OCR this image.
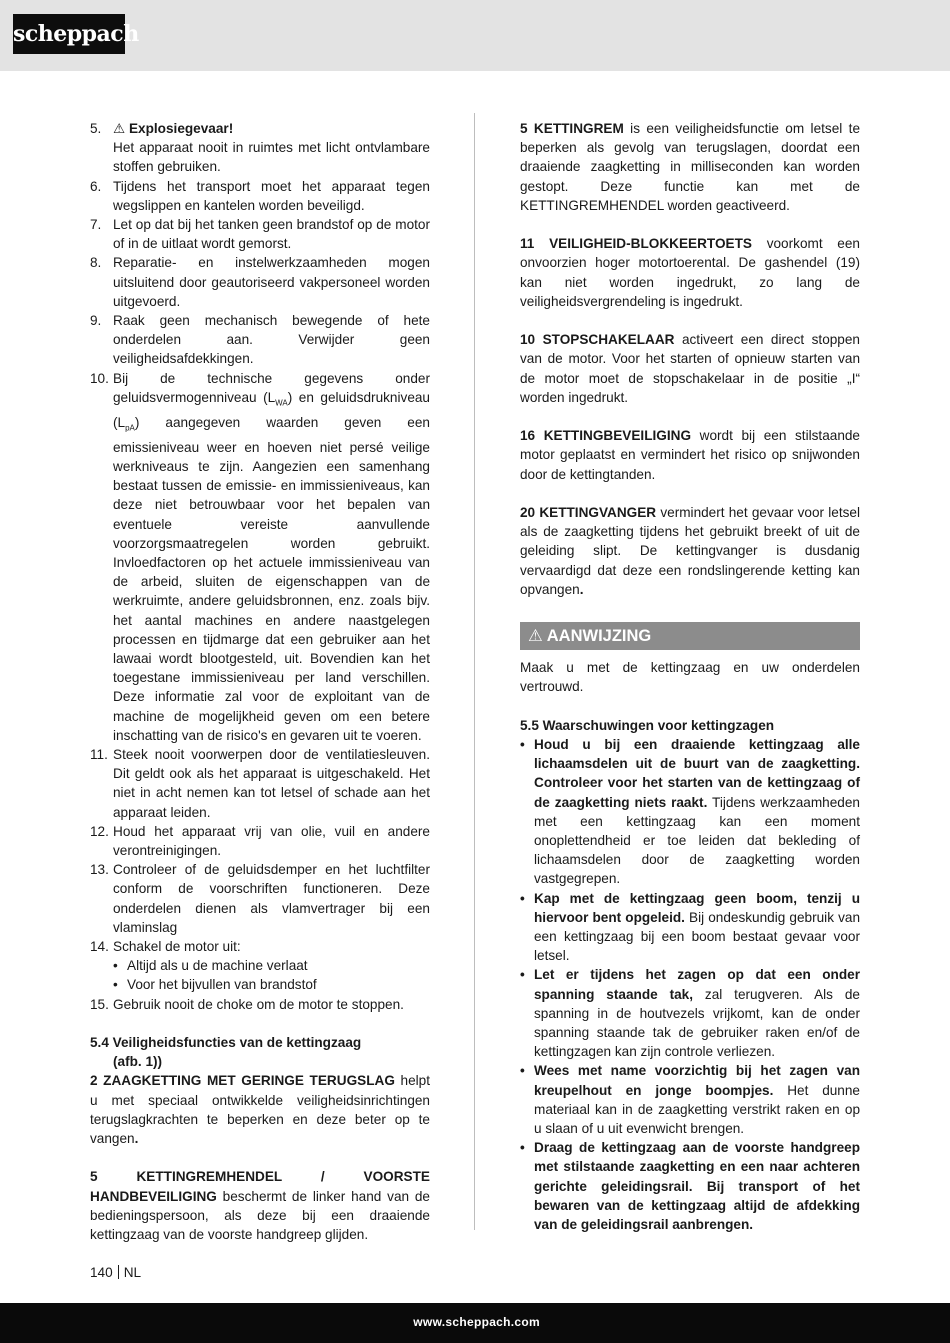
scheppach
5. ⚠ Explosiegevaar!
Het apparaat nooit in ruimtes met licht ontvlambare stoffen gebruiken.
6. Tijdens het transport moet het apparaat tegen wegslippen en kantelen worden beveiligd.
7. Let op dat bij het tanken geen brandstof op de motor of in de uitlaat wordt gemorst.
8. Reparatie- en instelwerkzaamheden mogen uitsluitend door geautoriseerd vakpersoneel worden uitgevoerd.
9. Raak geen mechanisch bewegende of hete onderdelen aan. Verwijder geen veiligheidsafdekkingen.
10. Bij de technische gegevens onder geluidsvermogenniveau $(L_{WA})$ en geluidsdrukniveau $(L_{pA})$ aangegeven waarden geven een emissieniveau weer en hoeven niet persé veilige werkniveaus te zijn. Aangezien een samenhang bestaat tussen de emissie- en immissieniveaus, kan deze niet betrouwbaar voor het bepalen van eventuele vereiste aanvullende voorzorgsmaatregelen worden gebruikt. Invloedfactoren op het actuele immissieniveau van de arbeid, sluiten de eigenschappen van de werkruimte, andere geluidsbronnen, enz. zoals bijv. het aantal machines en andere naastgelegen processen en tijdmarge dat een gebruiker aan het lawaai wordt blootgesteld, uit. Bovendien kan het toegestane immissieniveau per land verschillen. Deze informatie zal voor de exploitant van de machine de mogelijkheid geven om een betere inschatting van de risico's en gevaren uit te voeren.
11. Steek nooit voorwerpen door de ventilatiesleuven. Dit geldt ook als het apparaat is uitgeschakeld. Het niet in acht nemen kan tot letsel of schade aan het apparaat leiden.
12. Houd het apparaat vrij van olie, vuil en andere verontreinigingen.
13. Controleer of de geluidsdemper en het luchtfilter conform de voorschriften functioneren. Deze onderdelen dienen als vlamvertrager bij een vlaminslag
14. Schakel de motor uit:
• Altijd als u de machine verlaat
• Voor het bijvullen van brandstof
15. Gebruik nooit de choke om de motor te stoppen.
5.4 Veiligheidsfuncties van de kettingzaag
(afb. 1))

2 ZAAGKETTING MET GERINGE TERUGSLAG helpt u met speciaal ontwikkelde veiligheidsinrichtingen terugslagkrachten te beperken en deze beter op te vangen.

5 KETTINGREMHENDEL / VOORSTE HANDBEVEILIGING beschermt de linker hand van de bedieningspersoon, als deze bij een draaiende kettingzaag van de voorste handgreep glijden.

5 KETTINGREM is een veiligheidsfunctie om letsel te beperken als gevolg van terugslagen, doordat een draaiende zaagketting in milliseconden kan worden gestopt. Deze functie kan met de KETTINGREMHENDEL worden geactiveerd.

11 VEILIGHEID-BLOKKEERTOETS voorkomt een onvoorzien hoger motortoerental. De gashendel (19) kan niet worden ingedrukt, zo lang de veiligheidsvergrendeling is ingedrukt.

10 STOPSCHAKELAAR activeert een direct stoppen van de motor. Voor het starten of opnieuw starten van de motor moet de stopschakelaar in de positie „I“ worden ingedrukt.

16 KETTINGBEVEILIGING wordt bij een stilstaande motor geplaatst en vermindert het risico op snijwonden door de kettingtanden.

20 KETTINGVANGER vermindert het gevaar voor letsel als de zaagketting tijdens het gebruikt breekt of uit de geleiding slipt. De kettingvanger is dusdanig vervaardigd dat deze een rondslingerende ketting kan opvangen.

⚠ AANWIJZING

Maak u met de kettingzaag en uw onderdelen vertrouwd.

5.5 Waarschuwingen voor kettingzagen
• Houd u bij een draaiende kettingzaag alle lichaamsdelen uit de buurt van de zaagketting. Controleer voor het starten van de kettingzaag of de zaagketting niets raakt. Tijdens werkzaamheden met een kettingzaag kan een moment onoplettendheid er toe leiden dat bekleding of lichaamsdelen door de zaagketting worden vastgegrepen.
• Kap met de kettingzaag geen boom, tenzij u hiervoor bent opgeleid. Bij ondeskundig gebruik van een kettingzaag bij een boom bestaat gevaar voor letsel.
• Let er tijdens het zagen op dat een onder spanning staande tak, zal terugveren. Als de spanning in de houtvezels vrijkomt, kan de onder spanning staande tak de gebruiker raken en/of de kettingzagen kan zijn controle verliezen.
• Wees met name voorzichtig bij het zagen van kreupelhout en jonge boompjes. Het dunne materiaal kan in de zaagketting verstrikt raken en op u slaan of u uit evenwicht brengen.
• Draag de kettingzaag aan de voorste handgreep met stilstaande zaagketting en een naar achteren gerichte geleidingsrail. Bij transport of het bewaren van de kettingzaag altijd de afdekking van de geleidingsrail aanbrengen.
140 NL
www.scheppach.com
